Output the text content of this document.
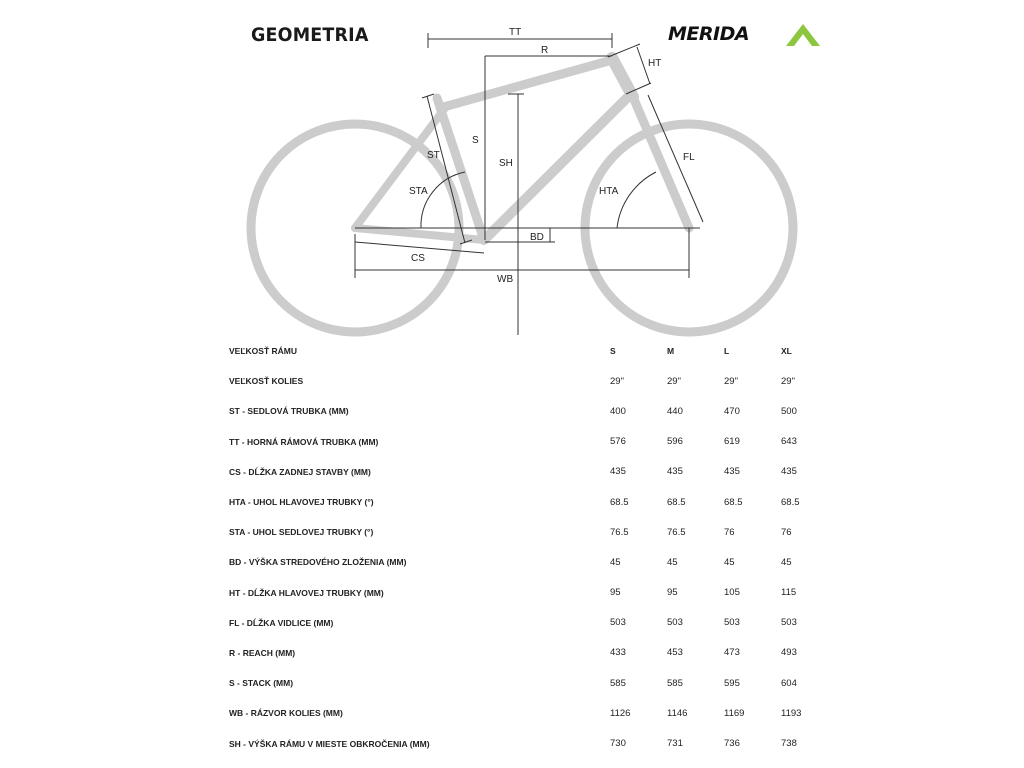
GEOMETRIA	MERIDA
TT
R
HT
S
ST
SH
STA	HTA
FL
BD
CS
WB
VEĽKOSŤ RÁMU	S	M	L	XL
VEĽKOSŤ KOLIES	29"	29"	29"	29"
ST - SEDLOVÁ TRUBKA (MM)	400	440	470	500
TT - HORNÁ RÁMOVÁ TRUBKA (MM)	576	596	619	643
CS - DĹŽKA ZADNEJ STAVBY (MM)	435	435	435	435
HTA - UHOL HLAVOVEJ TRUBKY (°)	68.5	68.5	68.5	68.5
STA - UHOL SEDLOVEJ TRUBKY (°)	76.5	76.5	76	76
BD - VÝŠKA STREDOVÉHO ZLOŽENIA (MM)	45	45	45	45
HT - DĹŽKA HLAVOVEJ TRUBKY (MM)	95	95	105	115
FL - DĹŽKA VIDLICE (MM)	503	503	503	503
R - REACH (MM)	433	453	473	493
S - STACK (MM)	585	585	595	604
WB - RÁZVOR KOLIES (MM)	1126	1146	1169	1193
SH - VÝŠKA RÁMU V MIESTE OBKROČENIA (MM)	730	731	736	738
